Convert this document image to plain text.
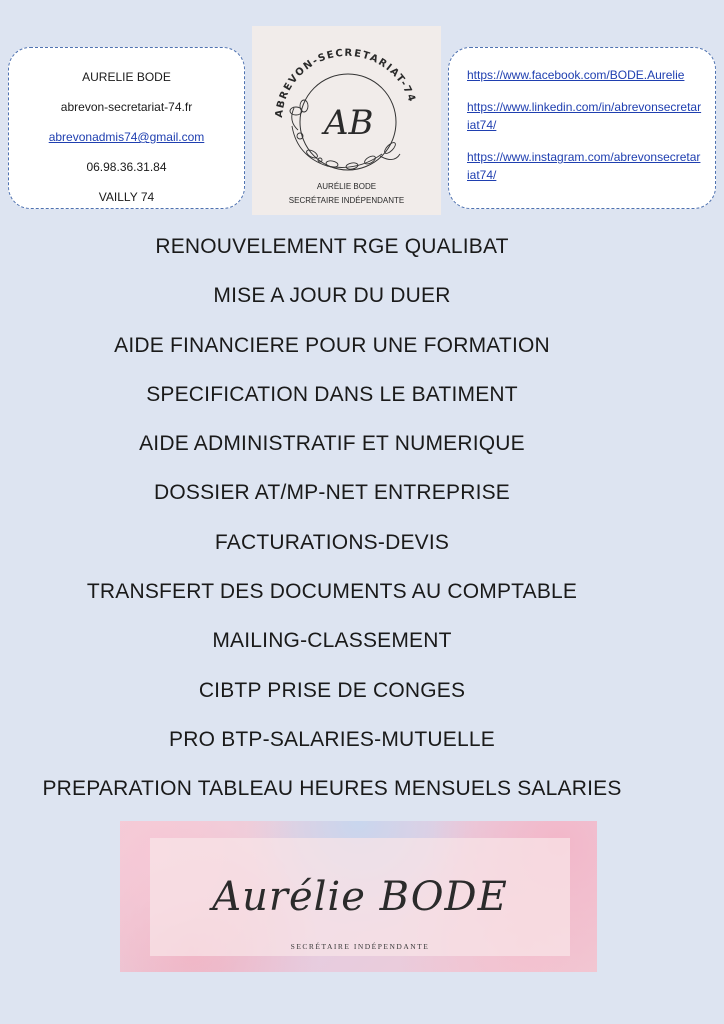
AURELIE BODE
abrevon-secretariat-74.fr
abrevonadmis74@gmail.com
06.98.36.31.84
VAILLY 74
ABREVON-SECRETARIAT-74
AB
AURÉLIE BODE
SECRÉTAIRE INDÉPENDANTE
https://www.facebook.com/BODE.Aurelie
https://www.linkedin.com/in/abrevonsecretariat74/
https://www.instagram.com/abrevonsecretariat74/
RENOUVELEMENT RGE QUALIBAT
MISE A JOUR DU DUER
AIDE FINANCIERE POUR UNE FORMATION
SPECIFICATION DANS LE BATIMENT
AIDE ADMINISTRATIF ET NUMERIQUE
DOSSIER AT/MP-NET ENTREPRISE
FACTURATIONS-DEVIS
TRANSFERT DES DOCUMENTS AU COMPTABLE
MAILING-CLASSEMENT
CIBTP PRISE DE CONGES
PRO BTP-SALARIES-MUTUELLE
PREPARATION TABLEAU HEURES MENSUELS SALARIES
Aurélie BODE
SECRÉTAIRE INDÉPENDANTE
